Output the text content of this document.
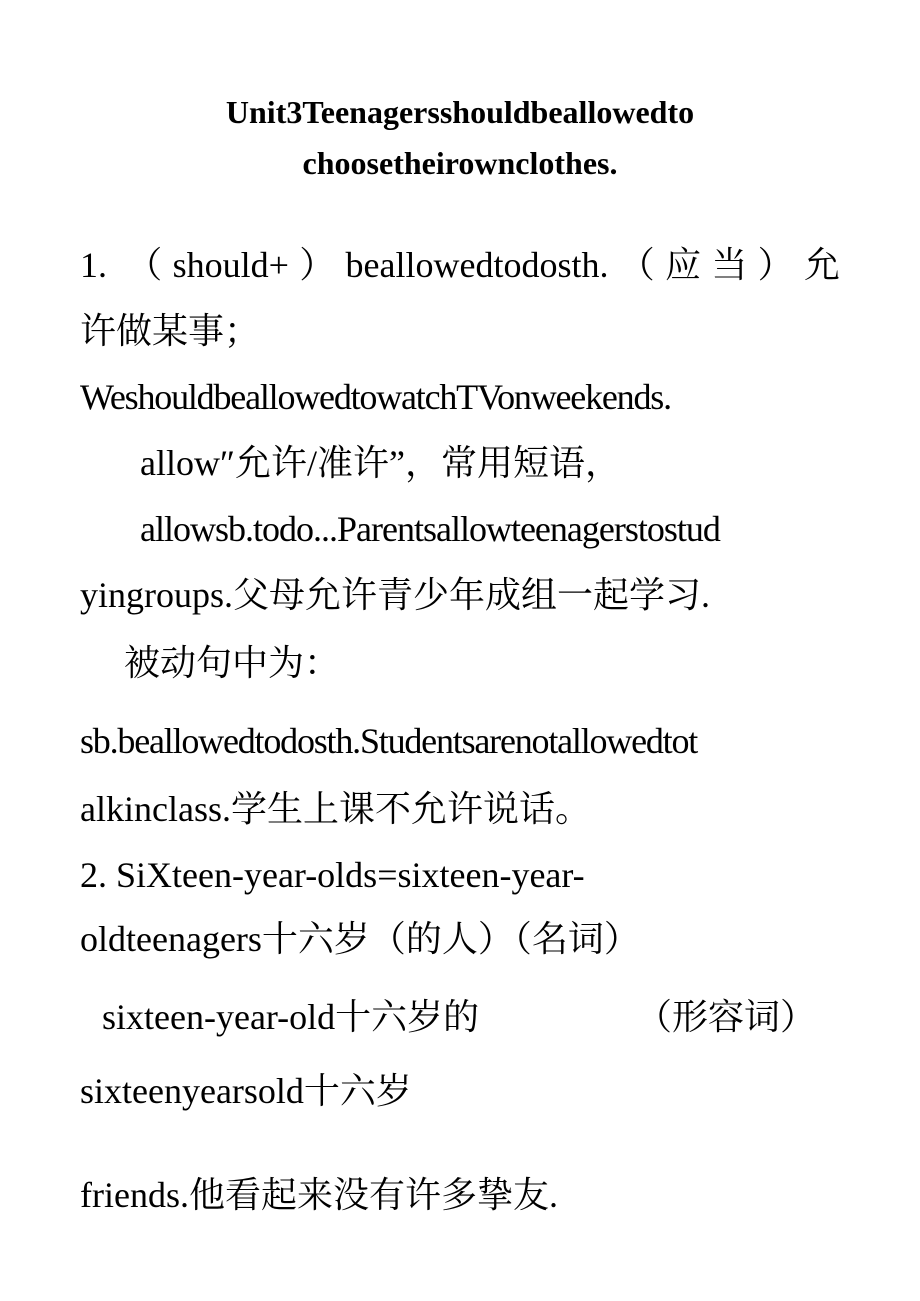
Unit3Teenagersshouldbeallowedto
choosetheirownclothes.
1. （should+）beallowedtodosth.（应当）允
许做某事；
WeshouldbeallowedtowatchTVonweekends.
allow″允许/准许”，常用短语，
allowsb.todo...Parentsallowteenagerstostud
yingroups.父母允许青少年成组一起学习.
被动句中为：
sb.beallowedtodosth.Studentsarenotallowedtot
alkinclass.学生上课不允许说话。
2. SiXteen-year-olds=sixteen-year-
oldteenagers十六岁（的人）（名词）
sixteen-year-old十六岁的	（形容词）
sixteenyearsold十六岁
friends.他看起来没有许多挚友.
